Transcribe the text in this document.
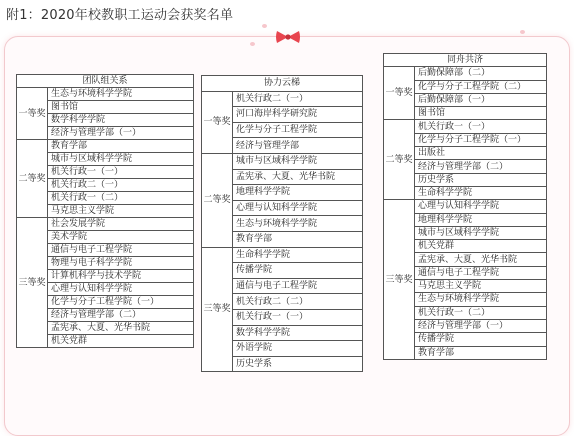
附1：2020年校教职工运动会获奖名单
团队组关系	
一等奖	生态与环境科学学院
	图书馆
	数学科学学院
	经济与管理学部（一）
二等奖	教育学部
	城市与区域科学学院
	机关行政一（一）
	机关行政二（一）
	机关行政一（二）
	马克思主义学院
三等奖	社会发展学院
	美术学院
	通信与电子工程学院
	物理与电子科学学院
	计算机科学与技术学院
	心理与认知科学学院
	化学与分子工程学院（一）
	经济与管理学部（二）
	孟宪承、大夏、光华书院
	机关党群
协力云梯	
一等奖	机关行政二（一）
	河口海岸科学研究院
	化学与分子工程学院
	经济与管理学部
二等奖	城市与区域科学学院
	孟宪承、大夏、光华书院
	地理科学学院
	心理与认知科学学院
	生态与环境科学学院
	教育学部
三等奖	生命科学学院
	传播学院
	通信与电子工程学院
	机关行政二（二）
	机关行政一（一）
	数学科学学院
	外语学院
	历史学系
同舟共济	
一等奖	后勤保障部（二）
	化学与分子工程学院（二）
	后勤保障部（一）
	图书馆
二等奖	机关行政一（一）
	化学与分子工程学院（一）
	出版社
	经济与管理学部（二）
	历史学系
	生命科学学院
三等奖	心理与认知科学学院
	地理科学学院
	城市与区域科学学院
	机关党群
	孟宪承、大夏、光华书院
	通信与电子工程学院
	马克思主义学院
	生态与环境科学学院
	机关行政一（二）
	经济与管理学部（一）
	传播学院
	教育学部
